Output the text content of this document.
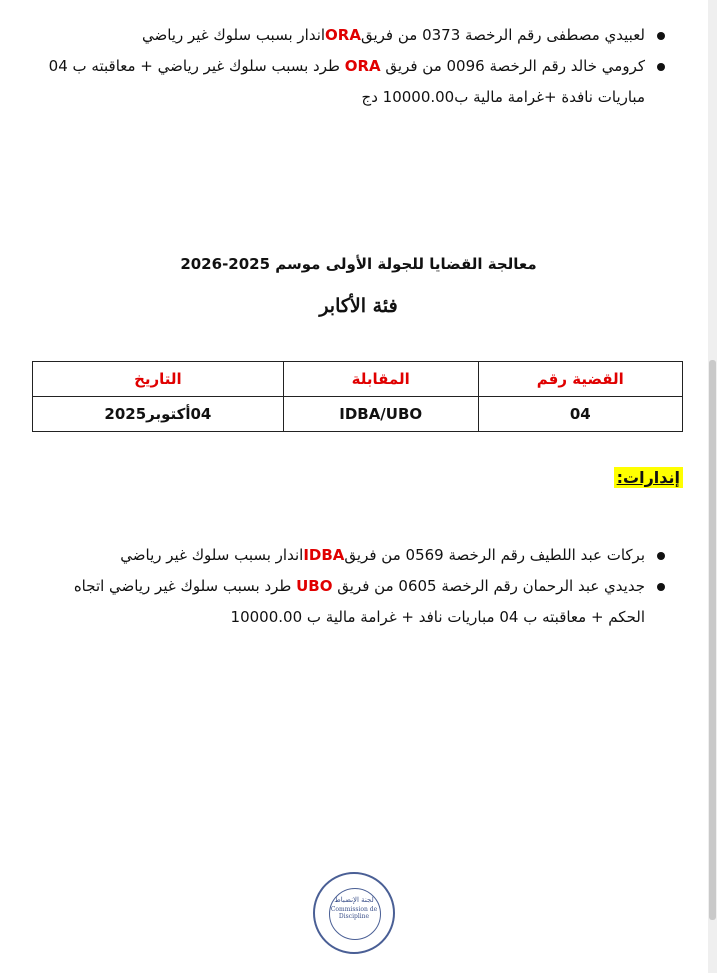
لعبيدي مصطفى رقم الرخصة 0373 من فريقORAاندار بسبب سلوك غير رياضي
كرومي خالد رقم الرخصة 0096 من فريق ORA طرد بسبب سلوك غير رياضي + معاقبته ب 04
مباريات نافدة +غرامة مالية ب10000.00 دج
معالجة القضايا للجولة الأولى موسم 2025-2026
فئة الأكابر
القضية رقم	المقابلة	التاريخ
04	IDBA/UBO	04أكتوبر2025
إندارات:
بركات عبد اللطيف رقم الرخصة 0569 من فريقIDBAاندار بسبب سلوك غير رياضي
جديدي عبد الرحمان رقم الرخصة 0605 من فريق UBO طرد بسبب سلوك غير رياضي اتجاه
الحكم + معاقبته ب 04 مباريات نافد + غرامة مالية ب 10000.00
لجنة الإنضباط
Commission de Discipline
